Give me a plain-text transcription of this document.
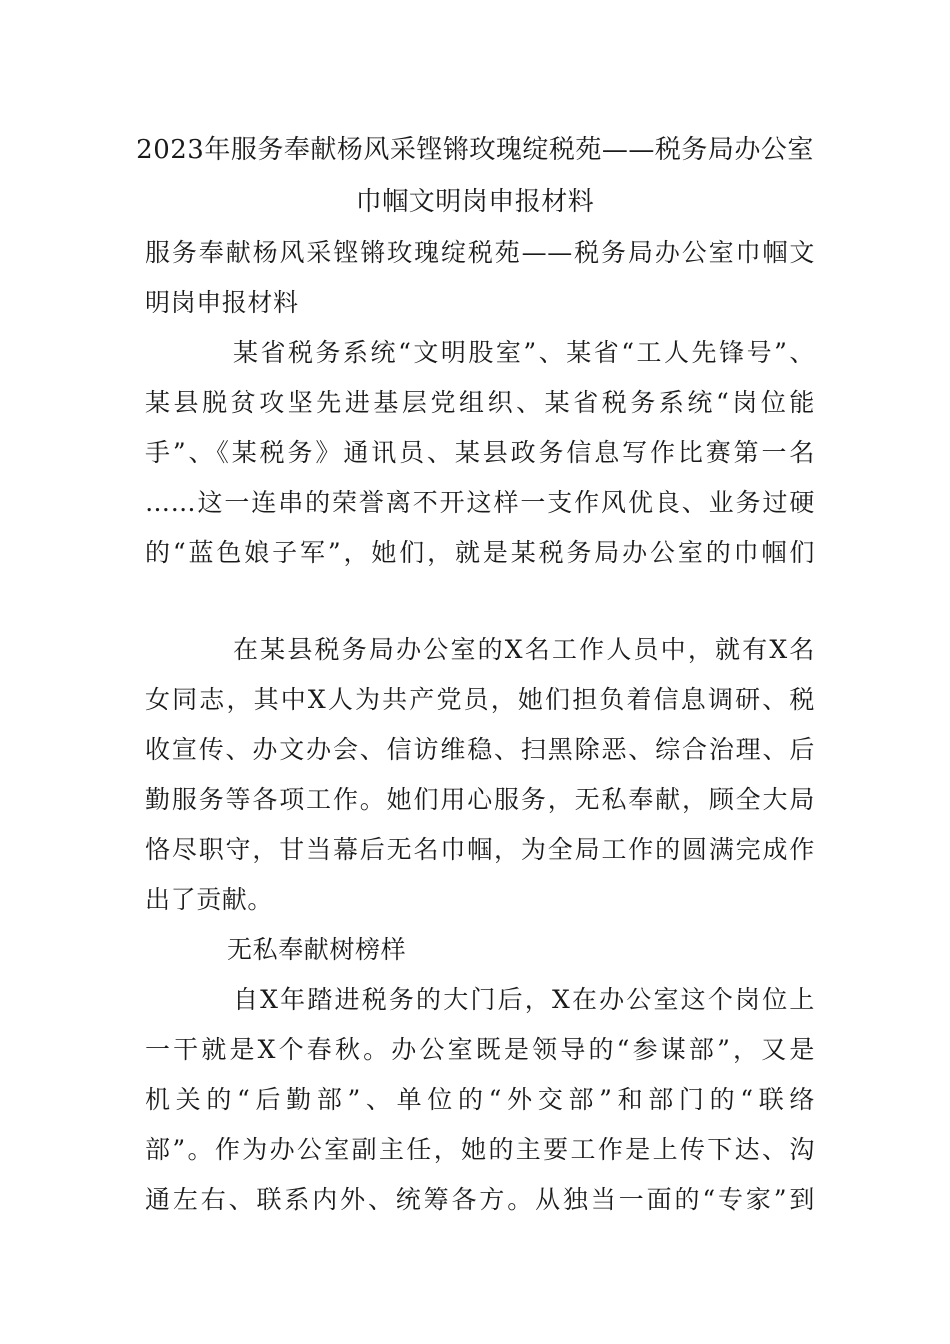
2023年服务奉献杨风采铿锵玫瑰绽税苑——税务局办公室
巾帼文明岗申报材料

服务奉献杨风采铿锵玫瑰绽税苑——税务局办公室巾帼文

明岗申报材料

某省税务系统“文明股室”、某省“工人先锋号”、

某县脱贫攻坚先进基层党组织、某省税务系统“岗位能

手”、《某税务》通讯员、某县政务信息写作比赛第一名

……这一连串的荣誉离不开这样一支作风优良、业务过硬

的“蓝色娘子军”，她们，就是某税务局办公室的巾帼们

在某县税务局办公室的X名工作人员中，就有X名

女同志，其中X人为共产党员，她们担负着信息调研、税

收宣传、办文办会、信访维稳、扫黑除恶、综合治理、后

勤服务等各项工作。她们用心服务，无私奉献，顾全大局

恪尽职守，甘当幕后无名巾帼，为全局工作的圆满完成作

出了贡献。

无私奉献树榜样

自X年踏进税务的大门后，X在办公室这个岗位上

一干就是X个春秋。办公室既是领导的“参谋部”，又是

机关的“后勤部”、单位的“外交部”和部门的“联络

部”。作为办公室副主任，她的主要工作是上传下达、沟

通左右、联系内外、统筹各方。从独当一面的“专家”到
